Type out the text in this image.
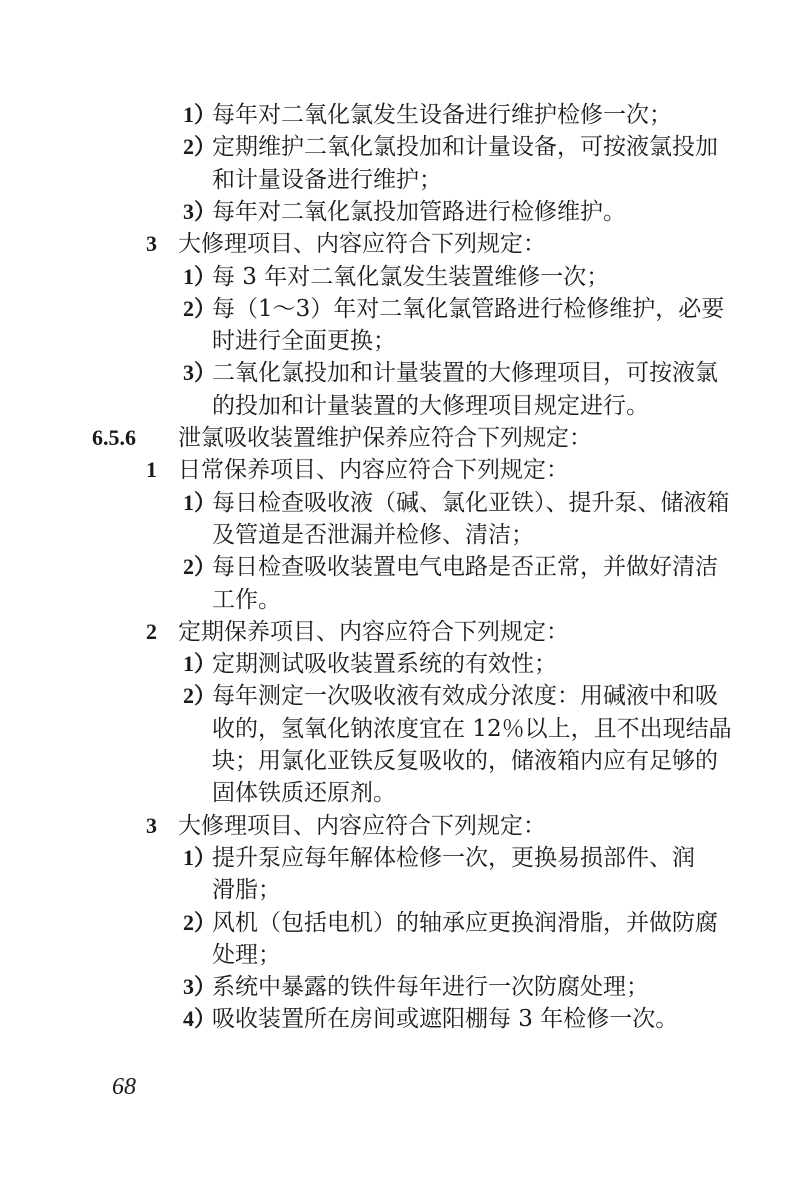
1）
每年对二氧化氯发生设备进行维护检修一次；
2）
定期维护二氧化氯投加和计量设备，可按液氯投加
和计量设备进行维护；
3）
每年对二氧化氯投加管路进行检修维护。
3 大修理项目、内容应符合下列规定：
1）
每 3 年对二氧化氯发生装置维修一次；
2）
每（1～3）年对二氧化氯管路进行检修维护，必要
时进行全面更换；
3）
二氧化氯投加和计量装置的大修理项目，可按液氯
的投加和计量装置的大修理项目规定进行。
6.5.6 泄氯吸收装置维护保养应符合下列规定：
1 日常保养项目、内容应符合下列规定：
1）
每日检查吸收液（碱、氯化亚铁）、提升泵、储液箱
及管道是否泄漏并检修、清洁；
2）
每日检查吸收装置电气电路是否正常，并做好清洁
工作。
2 定期保养项目、内容应符合下列规定：
1）
定期测试吸收装置系统的有效性；
2）
每年测定一次吸收液有效成分浓度：用碱液中和吸
收的，氢氧化钠浓度宜在 12％以上，且不出现结晶
块；用氯化亚铁反复吸收的，储液箱内应有足够的
固体铁质还原剂。
3 大修理项目、内容应符合下列规定：
1）
提升泵应每年解体检修一次，更换易损部件、润
滑脂；
2）
风机（包括电机）的轴承应更换润滑脂，并做防腐
处理；
3）
系统中暴露的铁件每年进行一次防腐处理；
4）
吸收装置所在房间或遮阳棚每 3 年检修一次。
68
